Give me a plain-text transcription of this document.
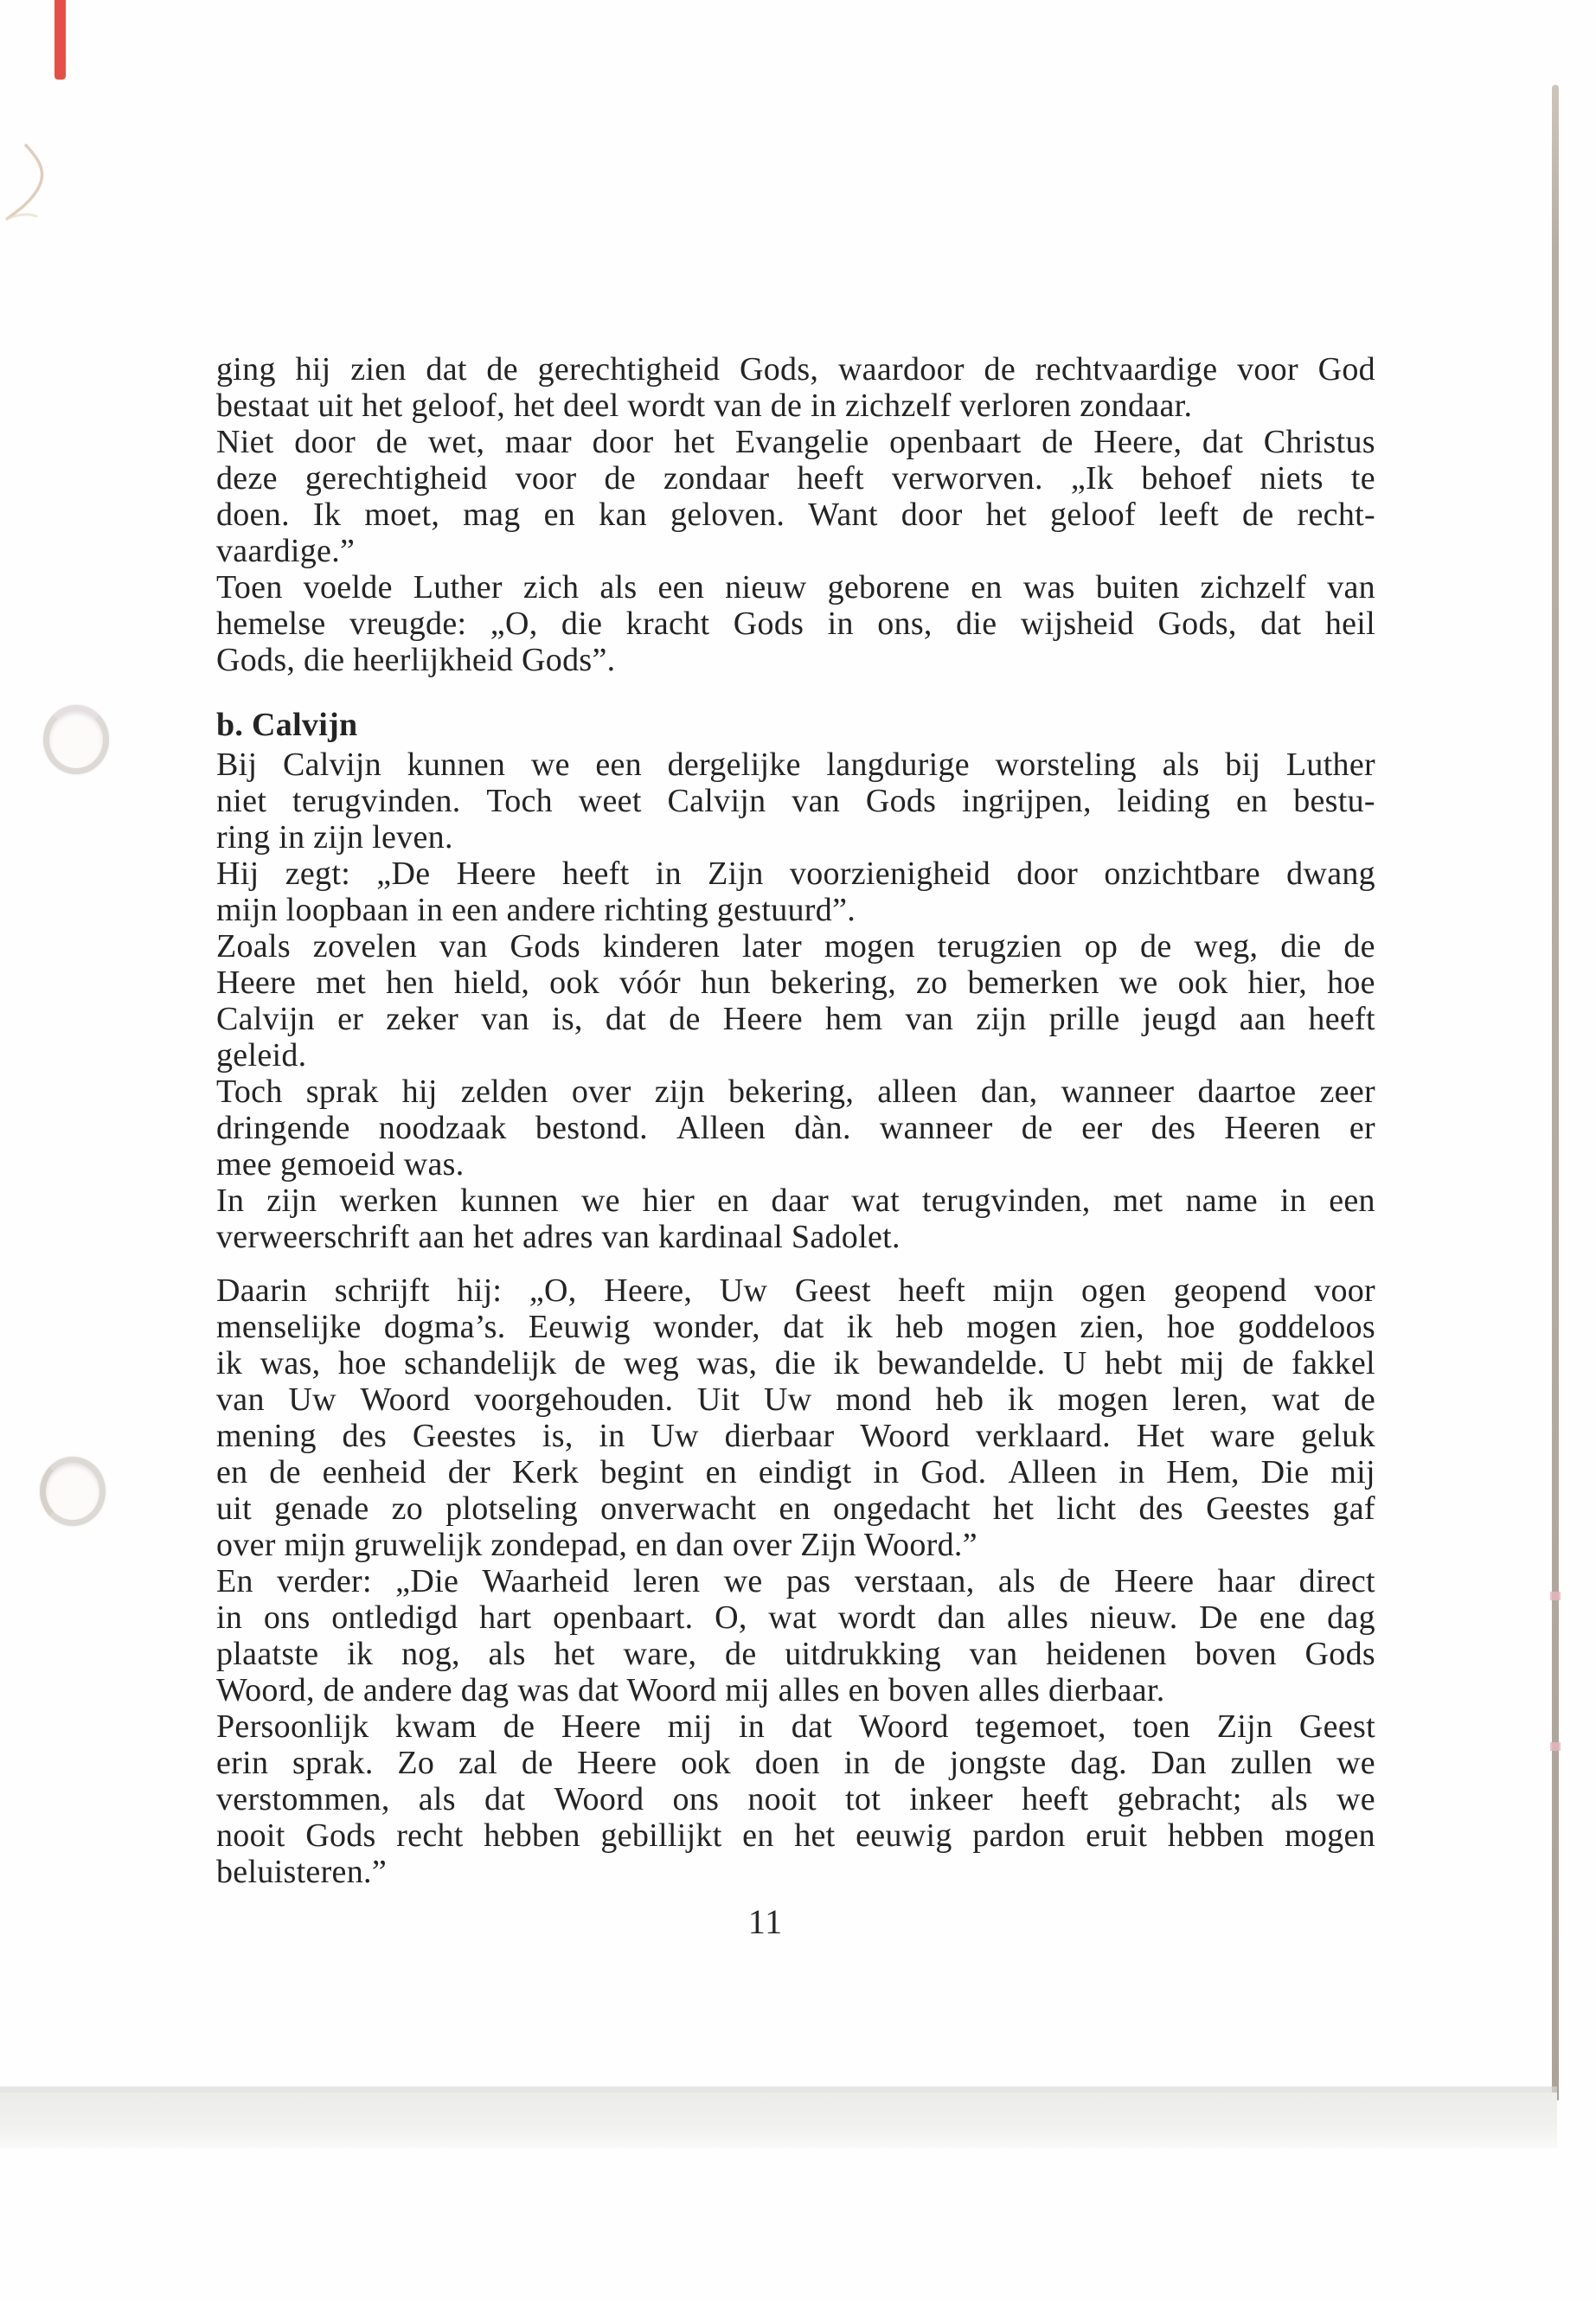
ging hij zien dat de gerechtigheid Gods, waardoor de rechtvaardige voor God
bestaat uit het geloof, het deel wordt van de in zichzelf verloren zondaar.
Niet door de wet, maar door het Evangelie openbaart de Heere, dat Christus
deze gerechtigheid voor de zondaar heeft verworven. „Ik behoef niets te
doen. Ik moet, mag en kan geloven. Want door het geloof leeft de recht-
vaardige.”
Toen voelde Luther zich als een nieuw geborene en was buiten zichzelf van
hemelse vreugde: „O, die kracht Gods in ons, die wijsheid Gods, dat heil
Gods, die heerlijkheid Gods”.
b. Calvijn
Bij Calvijn kunnen we een dergelijke langdurige worsteling als bij Luther
niet terugvinden. Toch weet Calvijn van Gods ingrijpen, leiding en bestu-
ring in zijn leven.
Hij zegt: „De Heere heeft in Zijn voorzienigheid door onzichtbare dwang
mijn loopbaan in een andere richting gestuurd”.
Zoals zovelen van Gods kinderen later mogen terugzien op de weg, die de
Heere met hen hield, ook vóór hun bekering, zo bemerken we ook hier, hoe
Calvijn er zeker van is, dat de Heere hem van zijn prille jeugd aan heeft
geleid.
Toch sprak hij zelden over zijn bekering, alleen dan, wanneer daartoe zeer
dringende noodzaak bestond. Alleen dàn. wanneer de eer des Heeren er
mee gemoeid was.
In zijn werken kunnen we hier en daar wat terugvinden, met name in een
verweerschrift aan het adres van kardinaal Sadolet.
Daarin schrijft hij: „O, Heere, Uw Geest heeft mijn ogen geopend voor
menselijke dogma’s. Eeuwig wonder, dat ik heb mogen zien, hoe goddeloos
ik was, hoe schandelijk de weg was, die ik bewandelde. U hebt mij de fakkel
van Uw Woord voorgehouden. Uit Uw mond heb ik mogen leren, wat de
mening des Geestes is, in Uw dierbaar Woord verklaard. Het ware geluk
en de eenheid der Kerk begint en eindigt in God. Alleen in Hem, Die mij
uit genade zo plotseling onverwacht en ongedacht het licht des Geestes gaf
over mijn gruwelijk zondepad, en dan over Zijn Woord.”
En verder: „Die Waarheid leren we pas verstaan, als de Heere haar direct
in ons ontledigd hart openbaart. O, wat wordt dan alles nieuw. De ene dag
plaatste ik nog, als het ware, de uitdrukking van heidenen boven Gods
Woord, de andere dag was dat Woord mij alles en boven alles dierbaar.
Persoonlijk kwam de Heere mij in dat Woord tegemoet, toen Zijn Geest
erin sprak. Zo zal de Heere ook doen in de jongste dag. Dan zullen we
verstommen, als dat Woord ons nooit tot inkeer heeft gebracht; als we
nooit Gods recht hebben gebillijkt en het eeuwig pardon eruit hebben mogen
beluisteren.”
11
